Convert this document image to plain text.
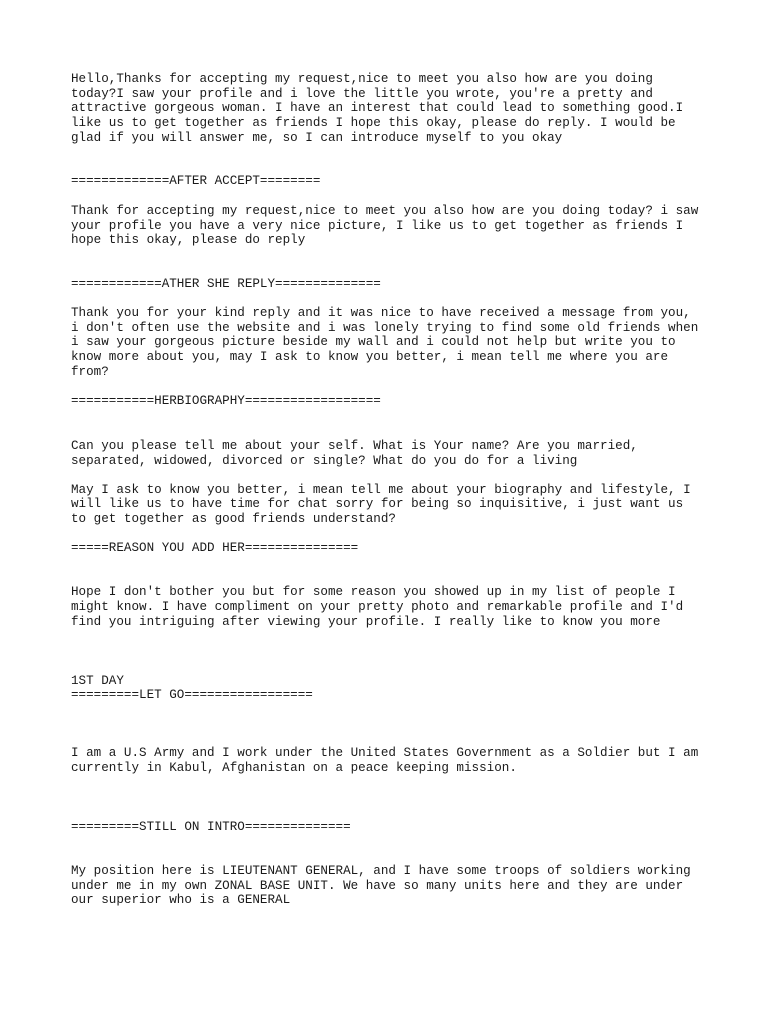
Hello,Thanks for accepting my request,nice to meet you also how are you doing

today?I saw your profile and i love the little you wrote, you're a pretty and

attractive gorgeous woman. I have an interest that could lead to something good.I

like us to get together as friends I hope this okay, please do reply. I would be

glad if you will answer me, so I can introduce myself to you okay

=============AFTER ACCEPT========

Thank for accepting my request,nice to meet you also how are you doing today? i saw

your profile you have a very nice picture, I like us to get together as friends I

hope this okay, please do reply

============ATHER SHE REPLY==============

Thank you for your kind reply and it was nice to have received a message from you,

i don't often use the website and i was lonely trying to find some old friends when

i saw your gorgeous picture beside my wall and i could not help but write you to

know more about you, may I ask to know you better, i mean tell me where you are

from?

===========HERBIOGRAPHY==================

Can you please tell me about your self. What is Your name? Are you married,

separated, widowed, divorced or single? What do you do for a living

May I ask to know you better, i mean tell me about your biography and lifestyle, I

will like us to have time for chat sorry for being so inquisitive, i just want us

to get together as good friends understand?

=====REASON YOU ADD HER===============

Hope I don't bother you but for some reason you showed up in my list of people I

might know. I have compliment on your pretty photo and remarkable profile and I'd

find you intriguing after viewing your profile. I really like to know you more

1ST DAY

=========LET GO=================

I am a U.S Army and I work under the United States Government as a Soldier but I am

currently in Kabul, Afghanistan on a peace keeping mission.

=========STILL ON INTRO==============

My position here is LIEUTENANT GENERAL, and I have some troops of soldiers working

under me in my own ZONAL BASE UNIT. We have so many units here and they are under

our superior who is a GENERAL
